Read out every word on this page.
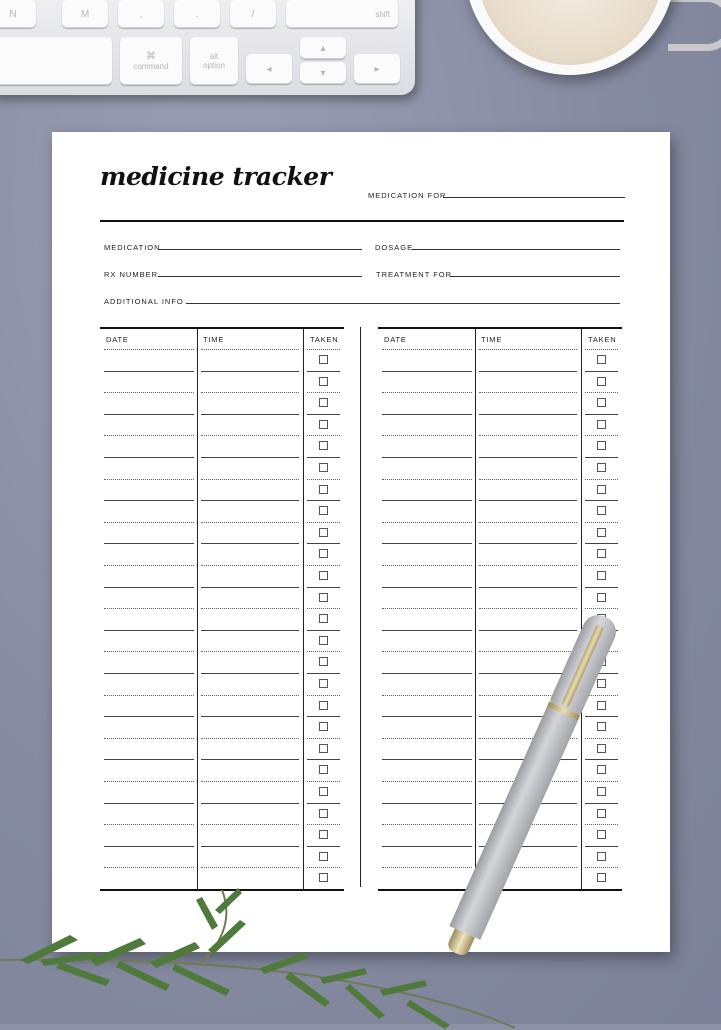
N	M	,	.	/	shift
⌘
command
alt
option	◂
▴
▾	▸
medicine tracker
MEDICATION FOR
MEDICATION	DOSAGE
RX NUMBER	TREATMENT FOR
ADDITIONAL INFO
DATE	TIME	TAKEN	DATE	TIME	TAKEN
